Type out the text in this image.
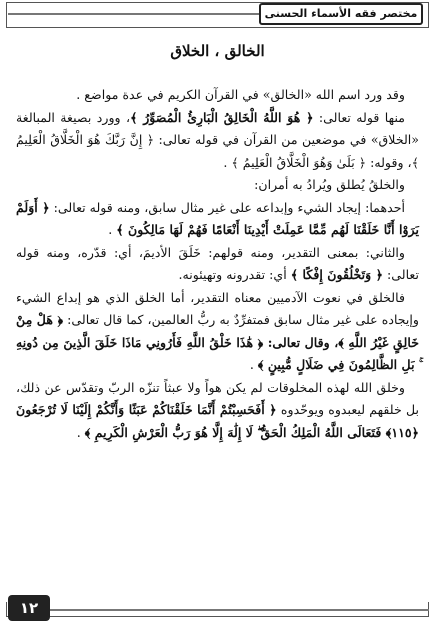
مختصر فقه الأسماء الحسنى
الخالق ، الخلاق

وقد ورد اسم الله «الخالق» في القرآن الكريم في عدة مواضع .

منها قوله تعالى: ﴿ هُوَ اللَّهُ الْخَالِقُ الْبَارِئُ الْمُصَوِّرُ ﴾، وورد بصيغة المبالغة «الخلاق» في موضعين من القرآن في قوله تعالى: ﴿ إِنَّ رَبَّكَ هُوَ الْخَلَّاقُ الْعَلِيمُ ﴾، وقوله: ﴿ بَلَىٰ وَهُوَ الْخَلَّاقُ الْعَلِيمُ ﴾ .

والخلقُ يُطلق ويُرادُ به أمران:

أحدهما: إيجاد الشيء وإبداعه على غير مثال سابق، ومنه قوله تعالى: ﴿ أَوَلَمْ يَرَوْا أَنَّا خَلَقْنَا لَهُم مِّمَّا عَمِلَتْ أَيْدِينَا أَنْعَامًا فَهُمْ لَهَا مَالِكُونَ ﴾ .

والثاني: بمعنى التقدير، ومنه قولهم: خَلَقَ الأديمَ، أي: قدّره، ومنه قوله تعالى: ﴿ وَتَخْلُقُونَ إِفْكًا ﴾ أي: تقدرونه وتهيئونه.

فالخلق في نعوت الآدميين معناه التقدير، أما الخلق الذي هو إبداع الشيء وإيجاده على غير مثال سابق فمتفرِّدٌ به ربُّ العالمين، كما قال تعالى: ﴿ هَلْ مِنْ خَالِقٍ غَيْرُ اللَّهِ ﴾، وقال تعالى: ﴿ هَٰذَا خَلْقُ اللَّهِ فَأَرُونِي مَاذَا خَلَقَ الَّذِينَ مِن دُونِهِ ۚ بَلِ الظَّالِمُونَ فِي ضَلَالٍ مُّبِينٍ ﴾ .

وخلق الله لهذه المخلوقات لم يكن هواً ولا عبثاً تنزّه الربّ وتقدّس عن ذلك، بل خلقهم ليعبدوه ويوحّدوه ﴿ أَفَحَسِبْتُمْ أَنَّمَا خَلَقْنَاكُمْ عَبَثًا وَأَنَّكُمْ إِلَيْنَا لَا تُرْجَعُونَ ﴿١١٥﴾ فَتَعَالَى اللَّهُ الْمَلِكُ الْحَقُّ ۖ لَا إِلَٰهَ إِلَّا هُوَ رَبُّ الْعَرْشِ الْكَرِيمِ ﴾ .

١٢
